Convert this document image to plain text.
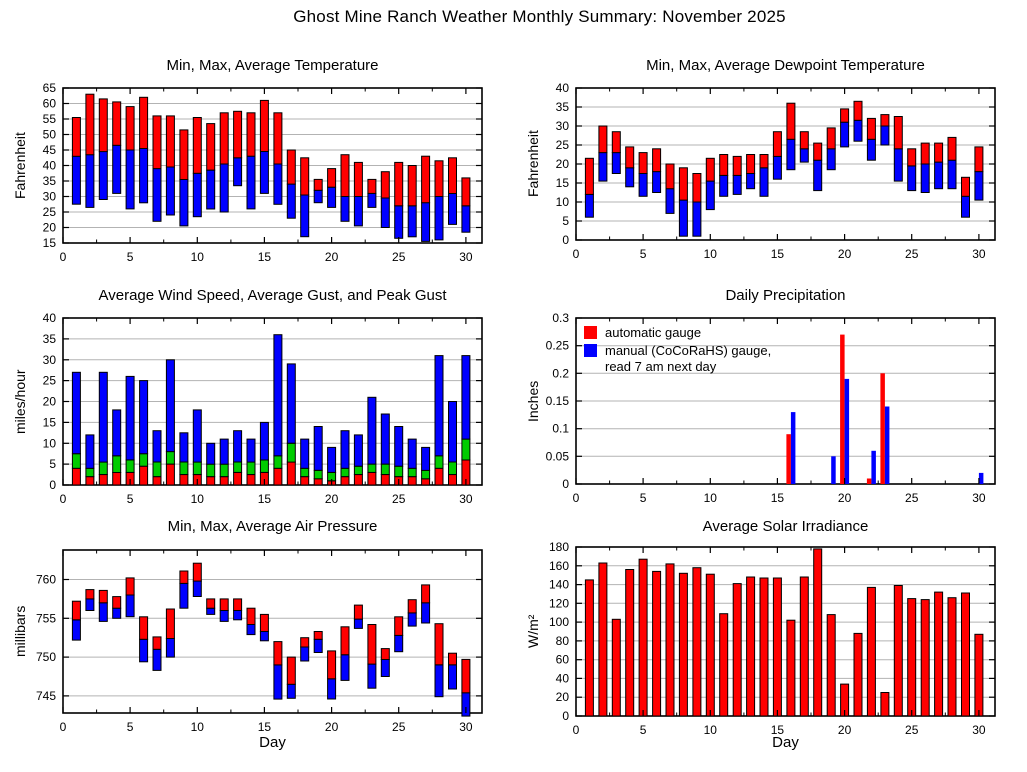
Ghost Mine Ranch Weather Monthly Summary: November 2025
Min, Max, Average Temperature
Fahrenheit
15
20
25
30
35
40
45
50
55
60
65
0	5	10	15	20	25	30
Min, Max, Average Dewpoint Temperature
Fahrenheit
0
5
10
15
20
25
30
35
40
0	5	10	15	20	25	30
Average Wind Speed, Average Gust, and Peak Gust
miles/hour
0
5
10
15
20
25
30
35
40
0	5	10	15	20	25	30
Daily Precipitation
Inches
0
0.05
0.1
0.15
0.2
0.25
0.3
0	5	10	15	20	25	30
automatic gauge
manual (CoCoRaHS) gauge,
read 7 am next day
Min, Max, Average Air Pressure
millibars
745
750
755
760
0	5	10	15	20	25	30
Day
Average Solar Irradiance
W/m²
0
20
40
60
80
100
120
140
160
180
0	5	10	15	20	25	30
Day
